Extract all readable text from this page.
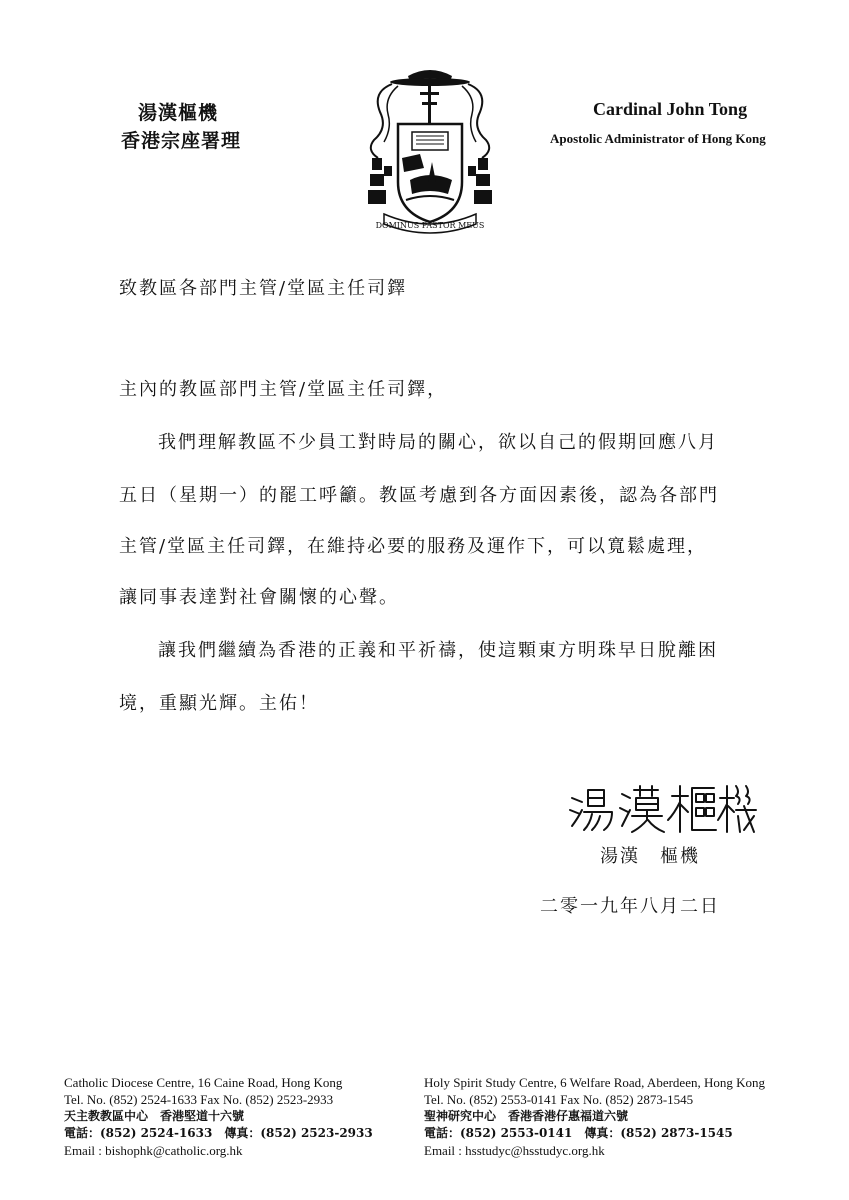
湯漢樞機
香港宗座署理
Cardinal John Tong
Apostolic Administrator of Hong Kong
DOMINUS PASTOR MEUS
致教區各部門主管/堂區主任司鐸
主內的教區部門主管/堂區主任司鐸，
我們理解教區不少員工對時局的關心，欲以自己的假期回應八月
五日（星期一）的罷工呼籲。教區考慮到各方面因素後，認為各部門
主管/堂區主任司鐸，在維持必要的服務及運作下，可以寬鬆處理，
讓同事表達對社會關懷的心聲。
讓我們繼續為香港的正義和平祈禱，使這顆東方明珠早日脫離困
境，重顯光輝。主佑！
湯漢　樞機
二零一九年八月二日
Catholic Diocese Centre, 16 Caine Road, Hong Kong
Tel. No. (852) 2524-1633 Fax No. (852) 2523-2933
天主教教區中心　香港堅道十六號
電話：(852) 2524-1633　傳真：(852) 2523-2933
Email : bishophk@catholic.org.hk
Holy Spirit Study Centre, 6 Welfare Road, Aberdeen, Hong Kong
Tel. No. (852) 2553-0141 Fax No. (852) 2873-1545
聖神研究中心　香港香港仔惠福道六號
電話：(852) 2553-0141　傳真：(852) 2873-1545
Email : hsstudyc@hsstudyc.org.hk
